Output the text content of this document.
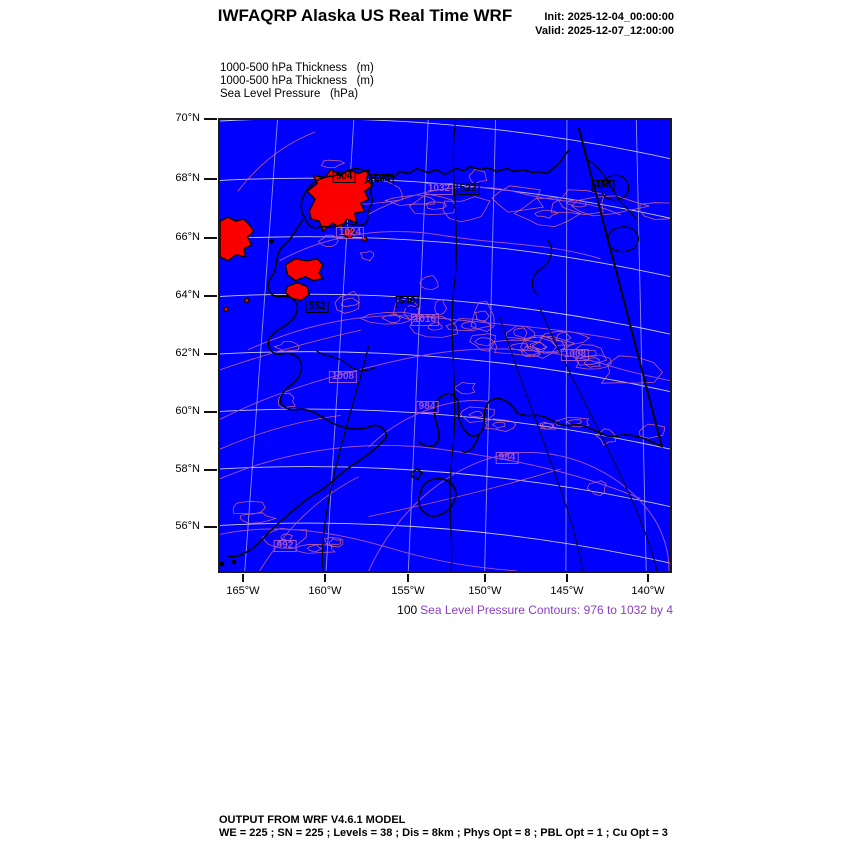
IWFAQRP Alaska US Real Time WRF	Init: 2025-12-04_00:00:00
Valid: 2025-12-07_12:00:00
1000-500 hPa Thickness   (m)
1000-500 hPa Thickness   (m)
Sea Level Pressure   (hPa)
504	504
522	498
546
552
1032
1024
1016
1008
1008
984
984
992
100 Sea Level Pressure Contours: 976 to 1032 by 4
OUTPUT FROM WRF V4.6.1 MODEL
WE = 225 ; SN = 225 ; Levels = 38 ; Dis = 8km ; Phys Opt = 8 ; PBL Opt = 1 ; Cu Opt = 3
70°N
68°N
66°N
64°N
62°N
60°N
58°N
56°N
165°W	160°W	155°W	150°W	145°W	140°W
